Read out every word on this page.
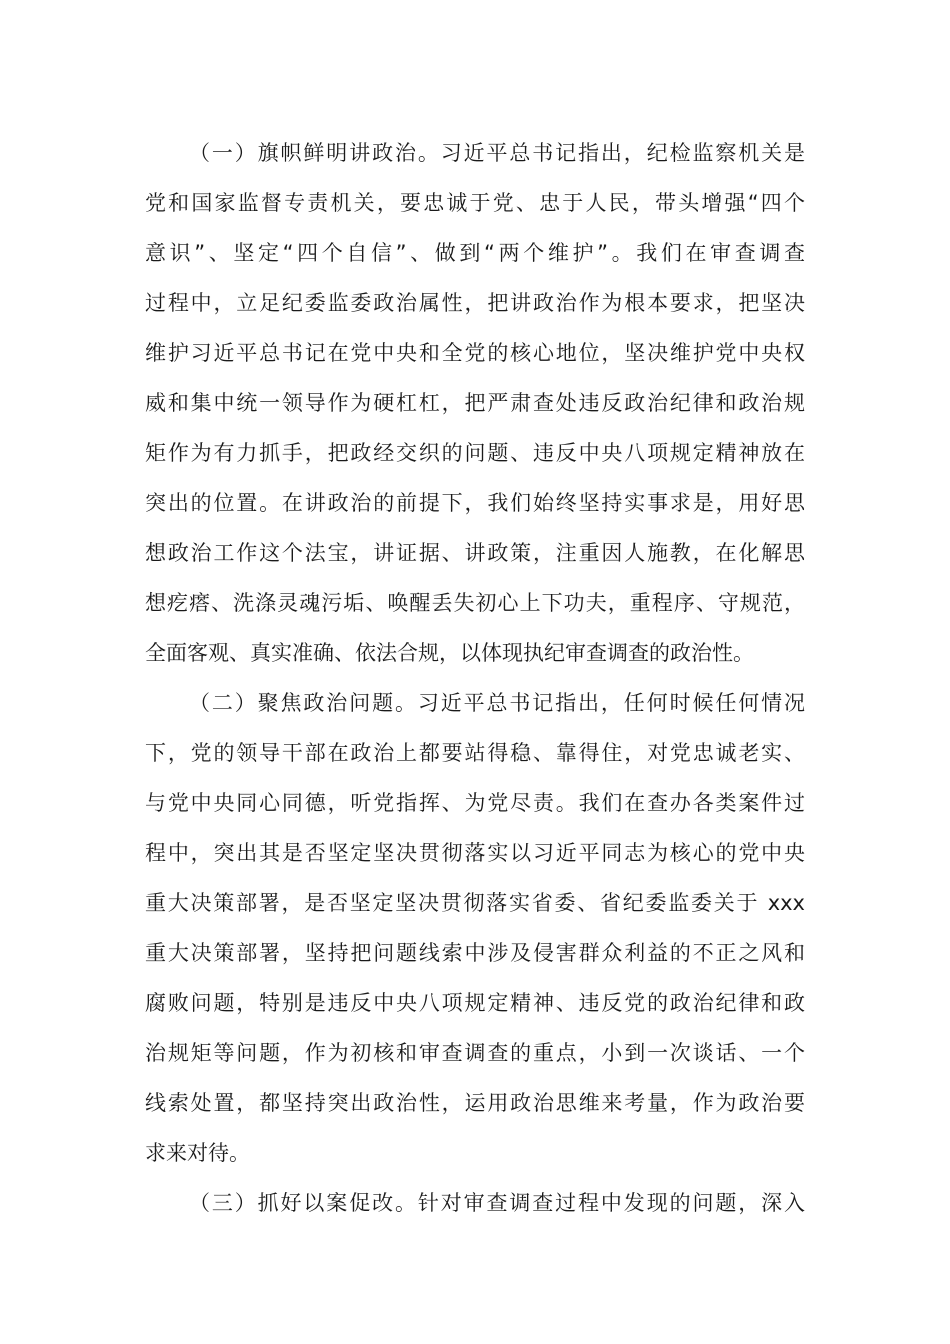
（一）旗帜鲜明讲政治。习近平总书记指出，纪检监察机关是
党和国家监督专责机关，要忠诚于党、忠于人民，带头增强“四个
意识”、坚定“四个自信”、做到“两个维护”。我们在审查调查
过程中，立足纪委监委政治属性，把讲政治作为根本要求，把坚决
维护习近平总书记在党中央和全党的核心地位，坚决维护党中央权
威和集中统一领导作为硬杠杠，把严肃查处违反政治纪律和政治规
矩作为有力抓手，把政经交织的问题、违反中央八项规定精神放在
突出的位置。在讲政治的前提下，我们始终坚持实事求是，用好思
想政治工作这个法宝，讲证据、讲政策，注重因人施教，在化解思
想疙瘩、洗涤灵魂污垢、唤醒丢失初心上下功夫，重程序、守规范，
全面客观、真实准确、依法合规，以体现执纪审查调查的政治性。
（二）聚焦政治问题。习近平总书记指出，任何时候任何情况
下，党的领导干部在政治上都要站得稳、靠得住，对党忠诚老实、
与党中央同心同德，听党指挥、为党尽责。我们在查办各类案件过
程中，突出其是否坚定坚决贯彻落实以习近平同志为核心的党中央
重大决策部署，是否坚定坚决贯彻落实省委、省纪委监委关于 xxx
重大决策部署，坚持把问题线索中涉及侵害群众利益的不正之风和
腐败问题，特别是违反中央八项规定精神、违反党的政治纪律和政
治规矩等问题，作为初核和审查调查的重点，小到一次谈话、一个
线索处置，都坚持突出政治性，运用政治思维来考量，作为政治要
求来对待。
（三）抓好以案促改。针对审查调查过程中发现的问题，深入
